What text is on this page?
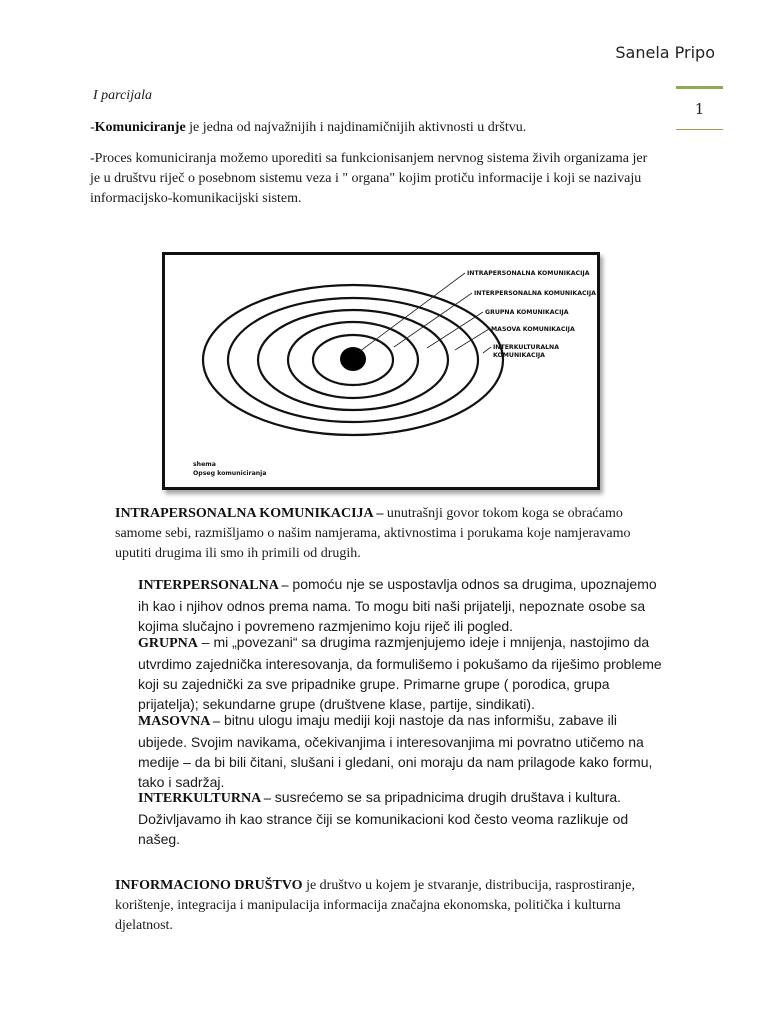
Sanela Pripo
1

I parcijala

-Komuniciranje je jedna od najvažnijih i najdinamičnijih aktivnosti u drštvu.

-Proces komuniciranja možemo uporediti sa funkcionisanjem nervnog sistema živih organizama jer je u društvu riječ o posebnom sistemu veza i " organa" kojim protiču informacije i koji se nazivaju informacijsko-komunikacijski sistem.

INTRAPERSONALNA KOMUNIKACIJA
INTERPERSONALNA KOMUNIKACIJA
GRUPNA KOMUNIKACIJA
MASOVA KOMUNIKACIJA
INTERKULTURALNA
KOMUNIKACIJA
shema
Opseg komuniciranja

INTRAPERSONALNA KOMUNIKACIJA – unutrašnji govor tokom koga se obraćamo samome sebi, razmišljamo o našim namjerama, aktivnostima i porukama koje namjeravamo uputiti drugima ili smo ih primili od drugih.

INTERPERSONALNA – pomoću nje se uspostavlja odnos sa drugima, upoznajemo ih kao i njihov odnos prema nama. To mogu biti naši prijatelji, nepoznate osobe sa kojima slučajno i povremeno razmjenimo koju riječ ili pogled.

GRUPNA – mi „povezani“ sa drugima razmjenjujemo ideje i mnijenja, nastojimo da utvrdimo zajednička interesovanja, da formulišemo i pokušamo da riješimo probleme koji su zajednički za sve pripadnike grupe. Primarne grupe ( porodica, grupa prijatelja); sekundarne grupe (društvene klase, partije, sindikati).

MASOVNA – bitnu ulogu imaju mediji koji nastoje da nas informišu, zabave ili ubijede. Svojim navikama, očekivanjima i interesovanjima mi povratno utičemo na medije – da bi bili čitani, slušani i gledani, oni moraju da nam prilagode kako formu, tako i sadržaj.

INTERKULTURNA – susrećemo se sa pripadnicima drugih društava i kultura. Doživljavamo ih kao strance čiji se komunikacioni kod često veoma razlikuje od našeg.

INFORMACIONO DRUŠTVO je društvo u kojem je stvaranje, distribucija, rasprostiranje, korištenje, integracija i manipulacija informacija značajna ekonomska, politička i kulturna djelatnost.
